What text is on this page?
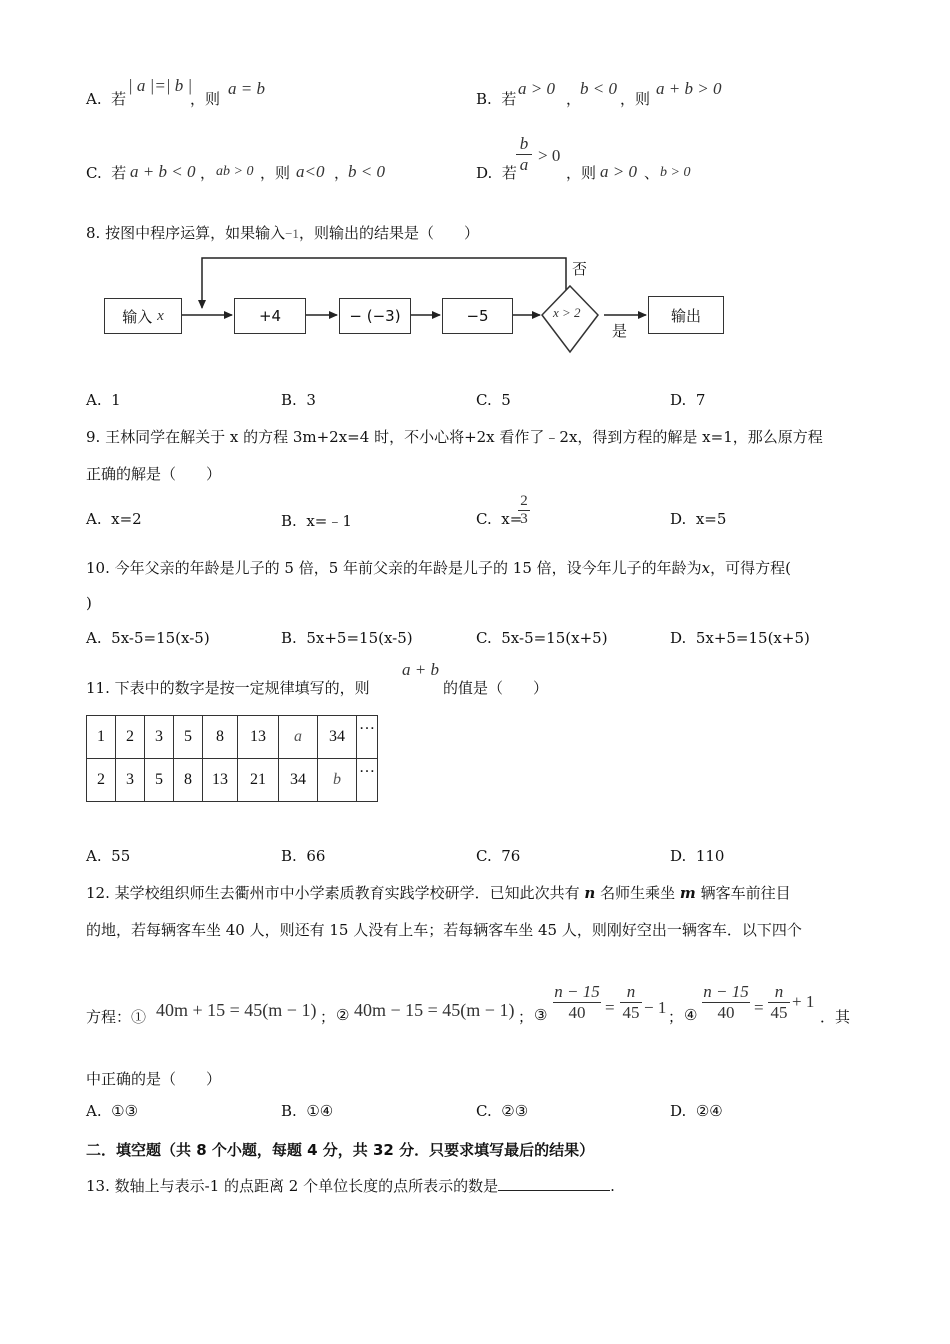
A. 若
| a |=| b |
，则
a = b
B. 若
a > 0
，
b < 0
，则
a + b > 0
C. 若 a + b < 0 ， ab > 0 ，则 a<0 ，
b < 0	D. 若
b
a > 0
，则 a > 0 、 b > 0
8. 按图中程序运算，如果输入−1，则输出的结果是（　　）
输入
x	+4	− (−3)	−5	x > 2
否
是
输出
A. 1	B. 3	C. 5	D. 7
9. 王林同学在解关于 x 的方程 3m+2x=4 时，不小心将+2x 看作了﹣2x，得到方程的解是 x=1，那么原方程
正确的解是（　　）
A. x=2	B. x=﹣1	C. x=
2
3	D. x=5
10. 今年父亲的年龄是儿子的 5 倍，5 年前父亲的年龄是儿子的 15 倍，设今年儿子的年龄为x，可得方程(
)
A. 5x-5=15(x-5)	B. 5x+5=15(x-5)	C. 5x-5=15(x+5)	D. 5x+5=15(x+5)
11. 下表中的数字是按一定规律填写的，则
a + b
的值是（　　）
1	2	3	5	8	13	a	34	…
2	3	5	8	13	21	34	b	…
A. 55	B. 66	C. 76	D. 110
12. 某学校组织师生去衢州市中小学素质教育实践学校研学．已知此次共有 n 名师生乘坐 m 辆客车前往目
的地，若每辆客车坐 40 人，则还有 15 人没有上车；若每辆客车坐 45 人，则刚好空出一辆客车．以下四个
方程：① 40m + 15 = 45(m − 1) ； ② 40m − 15 = 45(m − 1) ； ③
n − 15
40	=
n
45 − 1 ； ④
n − 15
40	=
n
45
+ 1
．其
中正确的是（　　）
A. ①③	B. ①④	C. ②③	D. ②④
二．填空题（共 8 个小题，每题 4 分，共 32 分．只要求填写最后的结果）
13. 数轴上与表示-1 的点距离 2 个单位长度的点所表示的数是	.
